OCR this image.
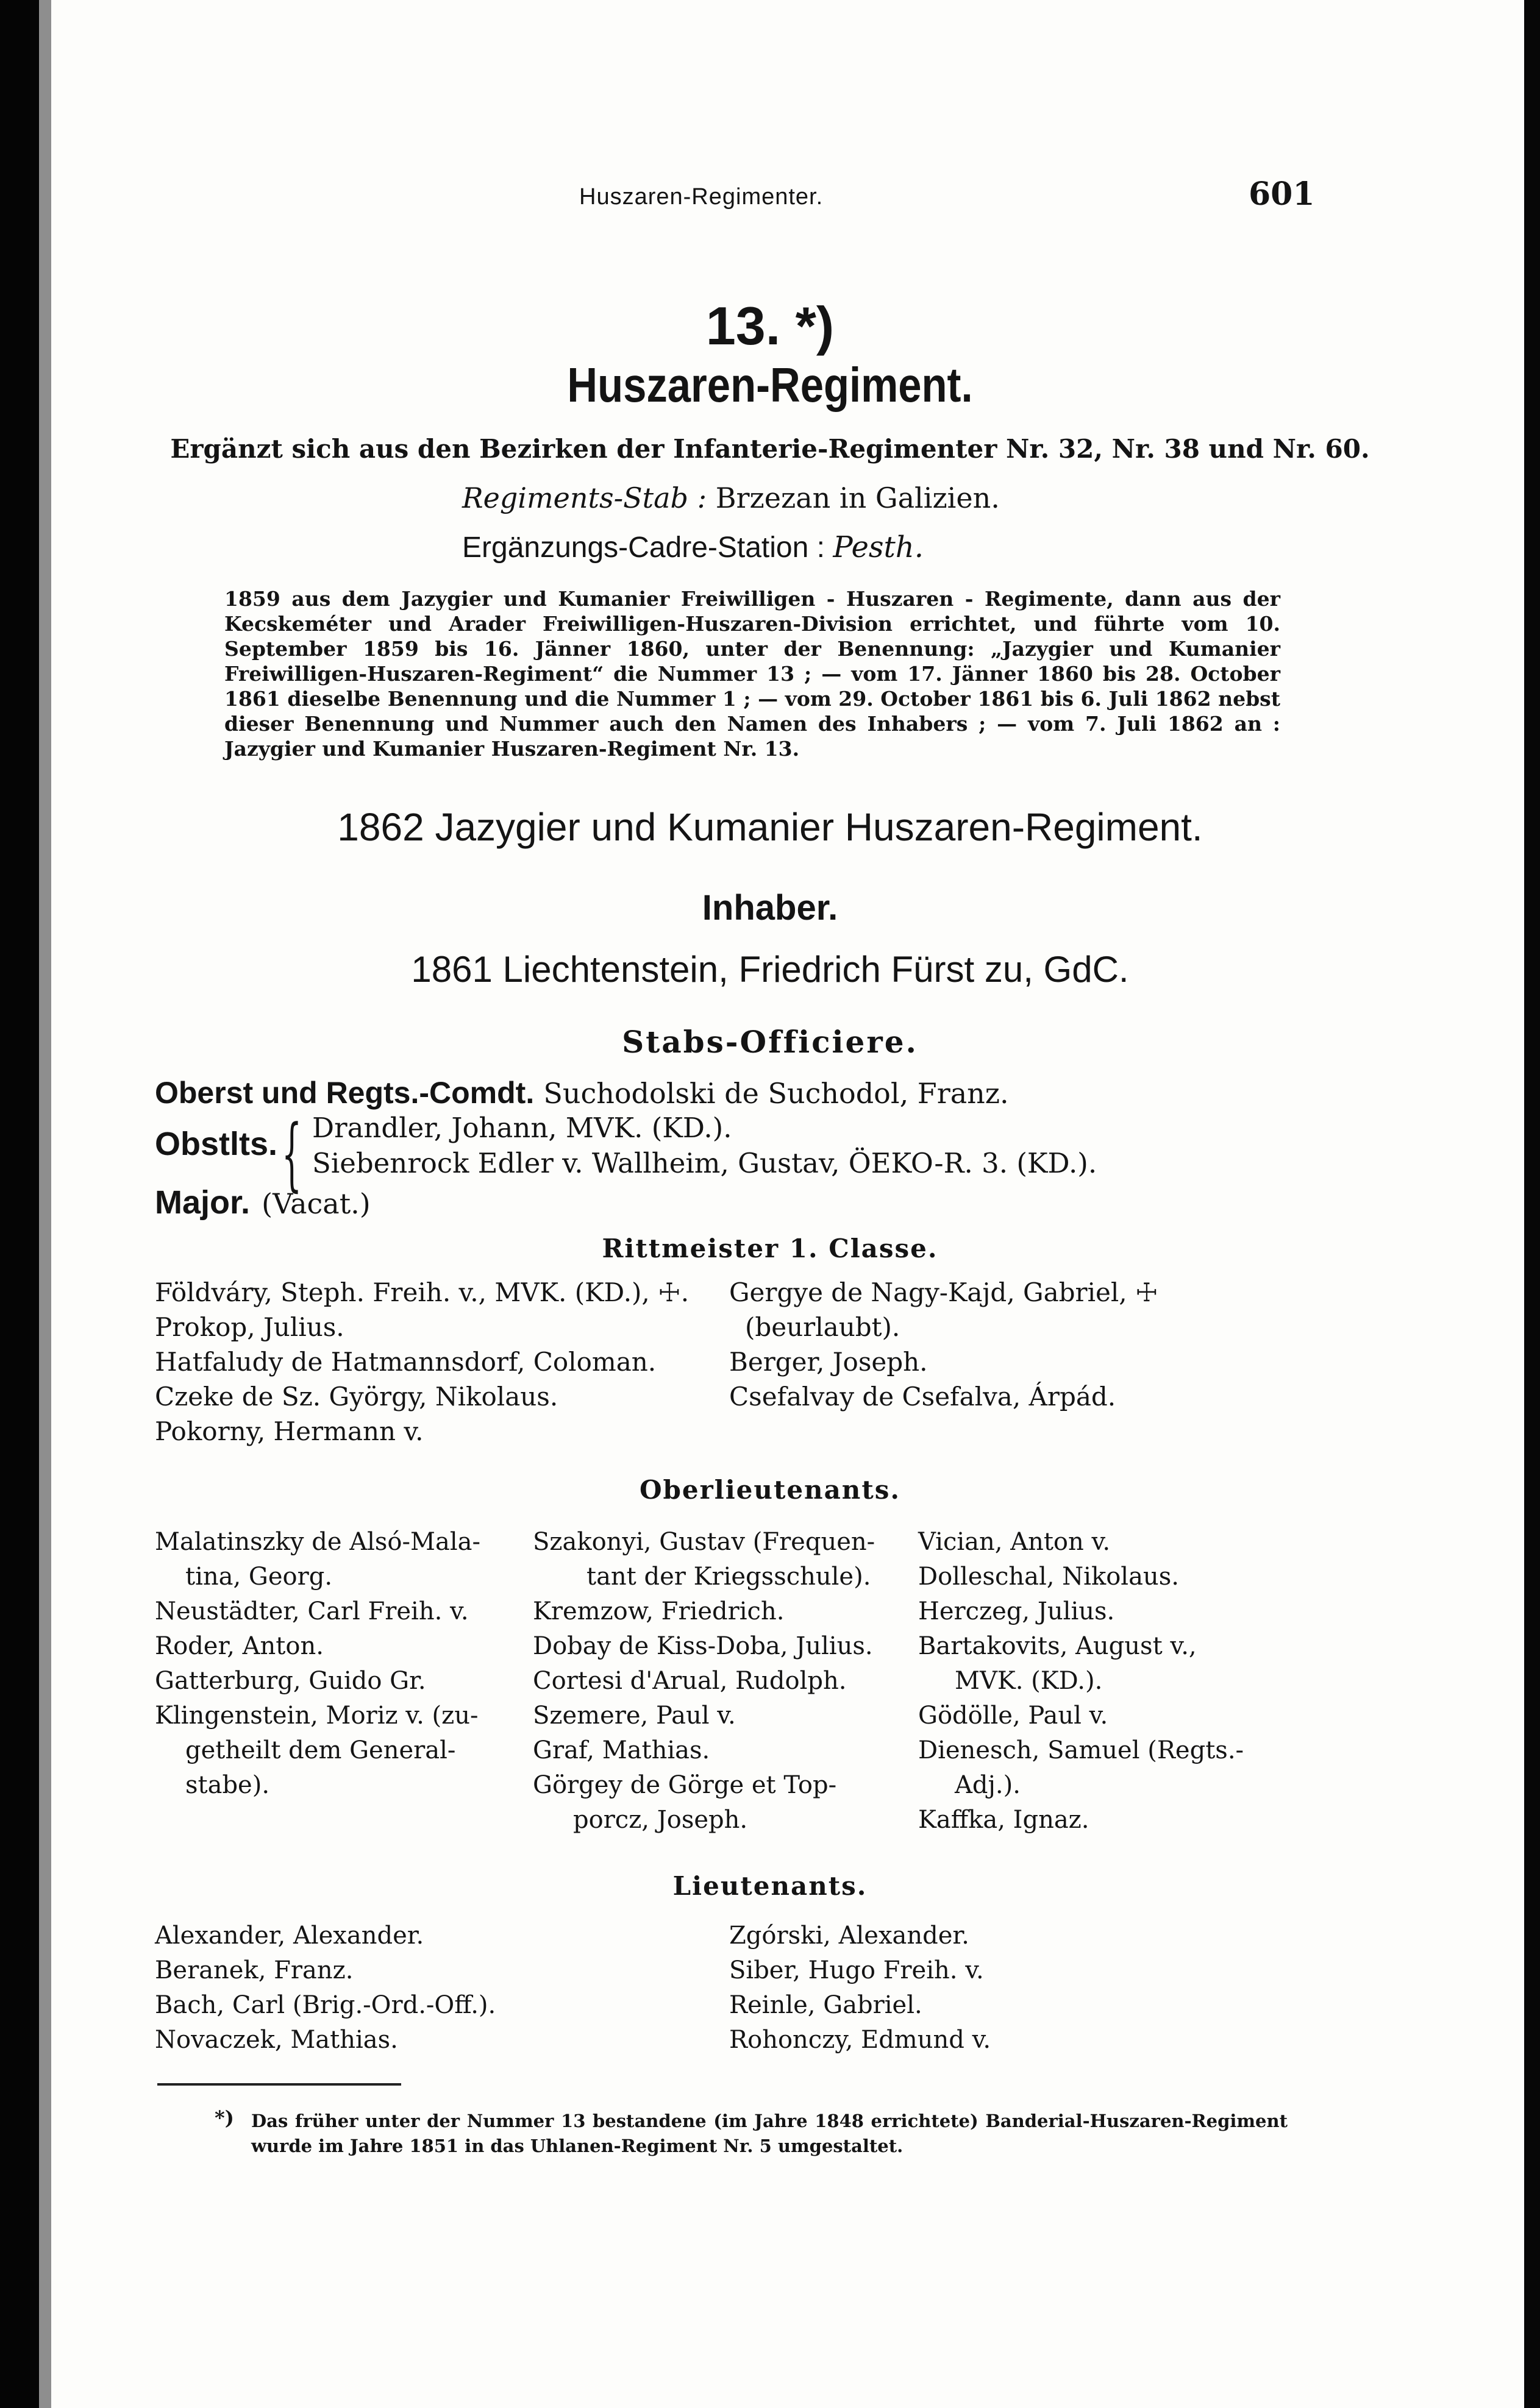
Huszaren-Regimenter.	601
13. *)
Huszaren-Regiment.
Ergänzt sich aus den Bezirken der Infanterie-Regimenter Nr. 32, Nr. 38 und Nr. 60.
Regiments-Stab : Brzezan in Galizien.
Ergänzungs-Cadre-Station : Pesth.
1859 aus dem Jazygier und Kumanier Freiwilligen - Huszaren - Regimente, dann aus der Kecskeméter und Arader Freiwilligen-Huszaren-Division errichtet, und führte vom 10. September 1859 bis 16. Jänner 1860, unter der Benennung: „Jazygier und Kumanier Freiwilligen-Huszaren-Regiment“ die Nummer 13 ; — vom 17. Jänner 1860 bis 28. October 1861 dieselbe Benennung und die Nummer 1 ; — vom 29. October 1861 bis 6. Juli 1862 nebst dieser Benennung und Nummer auch den Namen des Inhabers ; — vom 7. Juli 1862 an : Jazygier und Kumanier Huszaren-Regiment Nr. 13.
1862 Jazygier und Kumanier Huszaren-Regiment.
Inhaber.
1861 Liechtenstein, Friedrich Fürst zu, GdC.
Stabs-Officiere.
Oberst und Regts.-Comdt. Suchodolski de Suchodol, Franz.
Obstlts. { Drandler, Johann, MVK. (KD.).
Siebenrock Edler v. Wallheim, Gustav, ÖEKO-R. 3. (KD.).
Major. (Vacat.)
Rittmeister 1. Classe.
Földváry, Steph. Freih. v., MVK. (KD.), ☩.
Prokop, Julius.
Hatfaludy de Hatmannsdorf, Coloman.
Czeke de Sz. György, Nikolaus.
Pokorny, Hermann v.
Gergye de Nagy-Kajd, Gabriel, ☩
(beurlaubt).
Berger, Joseph.
Csefalvay de Csefalva, Árpád.
Oberlieutenants.
Malatinszky de Alsó-Mala-
tina, Georg.
Neustädter, Carl Freih. v.
Roder, Anton.
Gatterburg, Guido Gr.
Klingenstein, Moriz v. (zu-
getheilt dem General-
stabe).
Szakonyi, Gustav (Frequen-
tant der Kriegsschule).
Kremzow, Friedrich.
Dobay de Kiss-Doba, Julius.
Cortesi d'Arual, Rudolph.
Szemere, Paul v.
Graf, Mathias.
Görgey de Görge et Top-
porcz, Joseph.
Vician, Anton v.
Dolleschal, Nikolaus.
Herczeg, Julius.
Bartakovits, August v.,
MVK. (KD.).
Gödölle, Paul v.
Dienesch, Samuel (Regts.-
Adj.).
Kaffka, Ignaz.
Lieutenants.
Alexander, Alexander.
Beranek, Franz.
Bach, Carl (Brig.-Ord.-Off.).
Novaczek, Mathias.
Zgórski, Alexander.
Siber, Hugo Freih. v.
Reinle, Gabriel.
Rohonczy, Edmund v.
*) Das früher unter der Nummer 13 bestandene (im Jahre 1848 errichtete) Banderial-Huszaren-Regiment wurde im Jahre 1851 in das Uhlanen-Regiment Nr. 5 umgestaltet.
